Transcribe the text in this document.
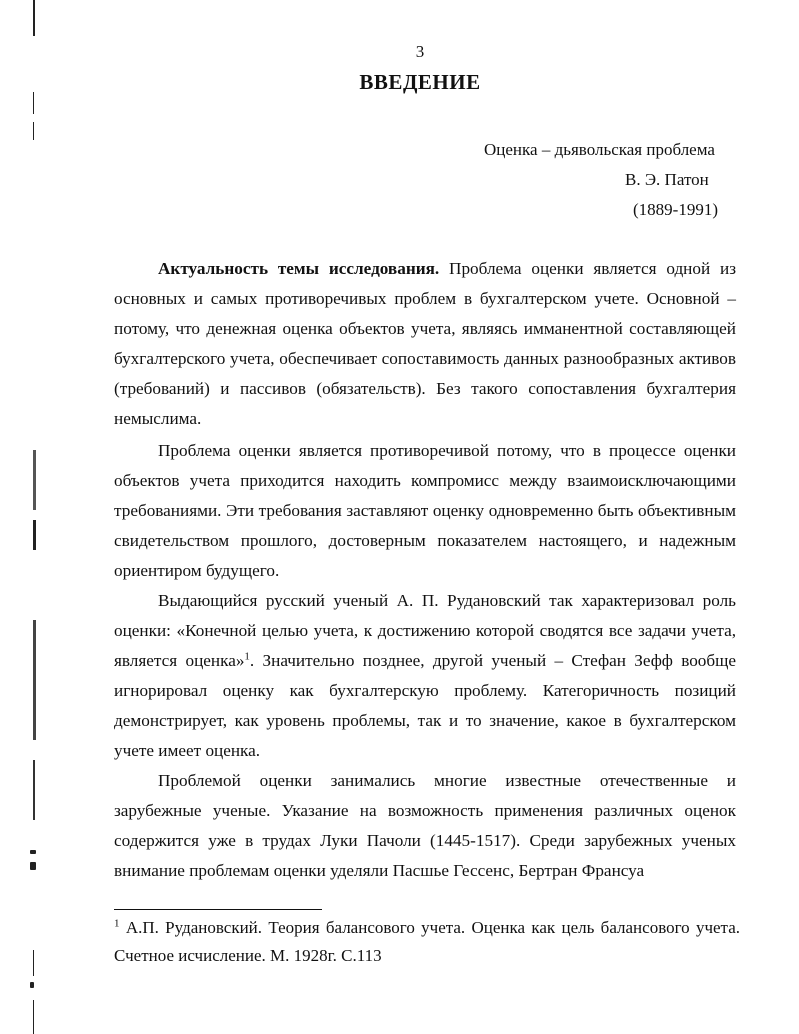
3
ВВЕДЕНИЕ
Оценка – дьявольская проблема
В. Э. Патон
(1889-1991)

Актуальность темы исследования. Проблема оценки является одной из основных и самых противоречивых проблем в бухгалтерском учете. Основной – потому, что денежная оценка объектов учета, являясь имманентной составляющей бухгалтерского учета, обеспечивает сопоставимость данных разнообразных активов (требований) и пассивов (обязательств). Без такого сопоставления бухгалтерия немыслима.

Проблема оценки является противоречивой потому, что в процессе оценки объектов учета приходится находить компромисс между взаимоисключающими требованиями. Эти требования заставляют оценку одновременно быть объективным свидетельством прошлого, достоверным показателем настоящего, и надежным ориентиром будущего.

Выдающийся русский ученый А. П. Рудановский так характеризовал роль оценки: «Конечной целью учета, к достижению которой сводятся все задачи учета, является оценка»$^1$. Значительно позднее, другой ученый – Стефан Зефф вообще игнорировал оценку как бухгалтерскую проблему. Категоричность позиций демонстрирует, как уровень проблемы, так и то значение, какое в бухгалтерском учете имеет оценка.

Проблемой оценки занимались многие известные отечественные и зарубежные ученые. Указание на возможность применения различных оценок содержится уже в трудах Луки Пачоли (1445-1517). Среди зарубежных ученых внимание проблемам оценки уделяли Пасшье Гессенс, Бертран Франсуа

$^1$ А.П. Рудановский. Теория балансового учета. Оценка как цель балансового учета. Счетное исчисление. М. 1928г. С.113
